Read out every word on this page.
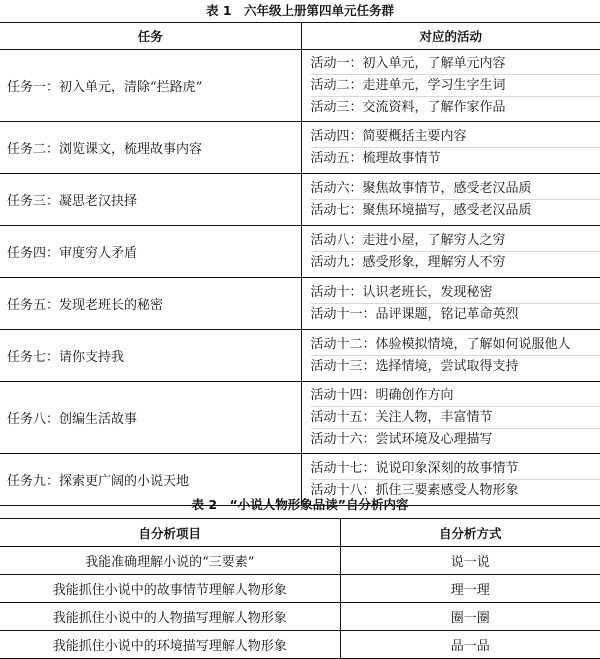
表 1　六年级上册第四单元任务群
任务	对应的活动
任务一：初入单元，清除“拦路虎”	活动一：初入单元，了解单元内容
活动二：走进单元，学习生字生词
活动三：交流资料，了解作家作品

任务二：浏览课文，梳理故事内容	活动四：简要概括主要内容
活动五：梳理故事情节

任务三：凝思老汉抉择	活动六：聚焦故事情节，感受老汉品质
活动七：聚焦环境描写，感受老汉品质

任务四：审度穷人矛盾	活动八：走进小屋，了解穷人之穷
活动九：感受形象，理解穷人不穷

任务五：发现老班长的秘密	活动十：认识老班长，发现秘密
活动十一：品评课题，铭记革命英烈

任务七：请你支持我	活动十二：体验模拟情境，了解如何说服他人
活动十三：选择情境，尝试取得支持

任务八：创编生活故事	活动十四：明确创作方向
活动十五：关注人物，丰富情节
活动十六：尝试环境及心理描写

任务九：探索更广阔的小说天地	活动十七：说说印象深刻的故事情节
活动十八：抓住三要素感受人物形象
表 2　“小说人物形象品读”自分析内容
自分析项目	自分析方式
我能准确理解小说的“三要素”	说一说
我能抓住小说中的故事情节理解人物形象	理一理
我能抓住小说中的人物描写理解人物形象	圈一圈
我能抓住小说中的环境描写理解人物形象	品一品
